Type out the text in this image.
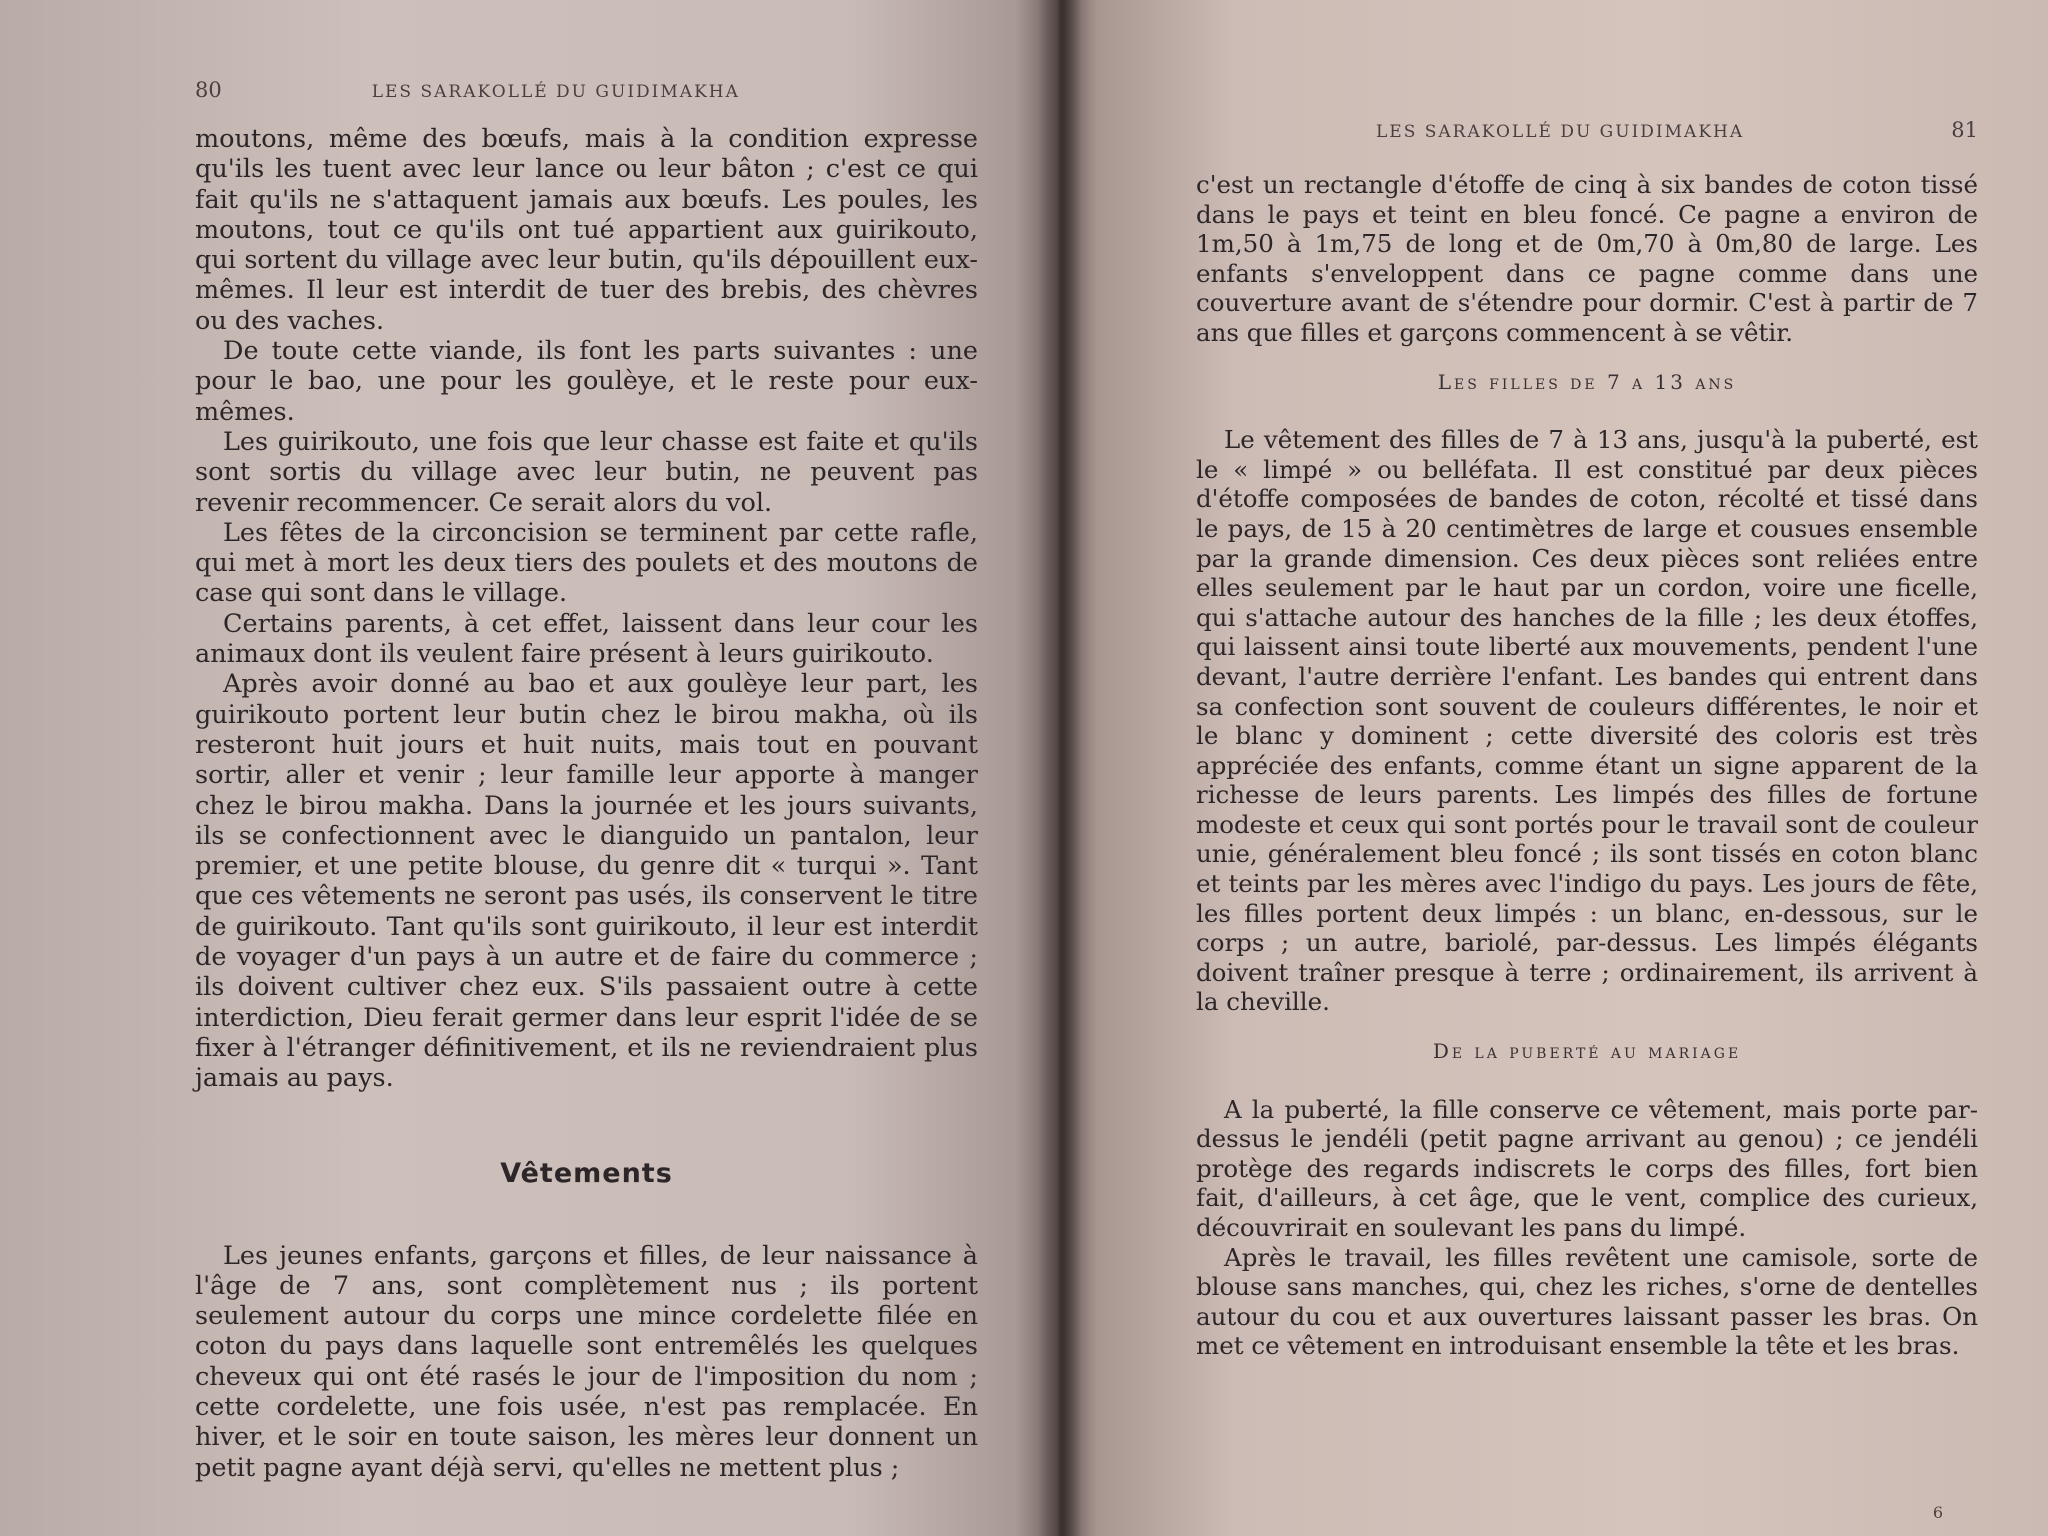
80	LES SARAKOLLÉ DU GUIDIMAKHA

moutons, même des bœufs, mais à la condition expresse qu'ils les tuent avec leur lance ou leur bâton ; c'est ce qui fait qu'ils ne s'attaquent jamais aux bœufs. Les poules, les moutons, tout ce qu'ils ont tué appartient aux guirikouto, qui sortent du village avec leur butin, qu'ils dépouillent eux-mêmes. Il leur est interdit de tuer des brebis, des chèvres ou des vaches.

De toute cette viande, ils font les parts suivantes : une pour le bao, une pour les goulèye, et le reste pour eux-mêmes.

Les guirikouto, une fois que leur chasse est faite et qu'ils sont sortis du village avec leur butin, ne peuvent pas revenir recommencer. Ce serait alors du vol.

Les fêtes de la circoncision se terminent par cette rafle, qui met à mort les deux tiers des poulets et des moutons de case qui sont dans le village.

Certains parents, à cet effet, laissent dans leur cour les animaux dont ils veulent faire présent à leurs guirikouto.

Après avoir donné au bao et aux goulèye leur part, les guirikouto portent leur butin chez le birou makha, où ils resteront huit jours et huit nuits, mais tout en pouvant sortir, aller et venir ; leur famille leur apporte à manger chez le birou makha. Dans la journée et les jours suivants, ils se confectionnent avec le dianguido un pantalon, leur premier, et une petite blouse, du genre dit « turqui ». Tant que ces vêtements ne seront pas usés, ils conservent le titre de guirikouto. Tant qu'ils sont guirikouto, il leur est interdit de voyager d'un pays à un autre et de faire du commerce ; ils doivent cultiver chez eux. S'ils passaient outre à cette interdiction, Dieu ferait germer dans leur esprit l'idée de se fixer à l'étranger définitivement, et ils ne reviendraient plus jamais au pays.

Vêtements

Les jeunes enfants, garçons et filles, de leur naissance à l'âge de 7 ans, sont complètement nus ; ils portent seulement autour du corps une mince cordelette filée en coton du pays dans laquelle sont entremêlés les quelques cheveux qui ont été rasés le jour de l'imposition du nom ; cette cordelette, une fois usée, n'est pas remplacée. En hiver, et le soir en toute saison, les mères leur donnent un petit pagne ayant déjà servi, qu'elles ne mettent plus ;

LES SARAKOLLÉ DU GUIDIMAKHA	81

c'est un rectangle d'étoffe de cinq à six bandes de coton tissé dans le pays et teint en bleu foncé. Ce pagne a environ de 1m,50 à 1m,75 de long et de 0m,70 à 0m,80 de large. Les enfants s'enveloppent dans ce pagne comme dans une couverture avant de s'étendre pour dormir. C'est à partir de 7 ans que filles et garçons commencent à se vêtir.

Les filles de 7 a 13 ans

Le vêtement des filles de 7 à 13 ans, jusqu'à la puberté, est le « limpé » ou belléfata. Il est constitué par deux pièces d'étoffe composées de bandes de coton, récolté et tissé dans le pays, de 15 à 20 centimètres de large et cousues ensemble par la grande dimension. Ces deux pièces sont reliées entre elles seulement par le haut par un cordon, voire une ficelle, qui s'attache autour des hanches de la fille ; les deux étoffes, qui laissent ainsi toute liberté aux mouvements, pendent l'une devant, l'autre derrière l'enfant. Les bandes qui entrent dans sa confection sont souvent de couleurs différentes, le noir et le blanc y dominent ; cette diversité des coloris est très appréciée des enfants, comme étant un signe apparent de la richesse de leurs parents. Les limpés des filles de fortune modeste et ceux qui sont portés pour le travail sont de couleur unie, généralement bleu foncé ; ils sont tissés en coton blanc et teints par les mères avec l'indigo du pays. Les jours de fête, les filles portent deux limpés : un blanc, en-dessous, sur le corps ; un autre, bariolé, par-dessus. Les limpés élégants doivent traîner presque à terre ; ordinairement, ils arrivent à la cheville.

De la puberté au mariage

A la puberté, la fille conserve ce vêtement, mais porte par-dessus le jendéli (petit pagne arrivant au genou) ; ce jendéli protège des regards indiscrets le corps des filles, fort bien fait, d'ailleurs, à cet âge, que le vent, complice des curieux, découvrirait en soulevant les pans du limpé.

Après le travail, les filles revêtent une camisole, sorte de blouse sans manches, qui, chez les riches, s'orne de dentelles autour du cou et aux ouvertures laissant passer les bras. On met ce vêtement en introduisant ensemble la tête et les bras.

6
